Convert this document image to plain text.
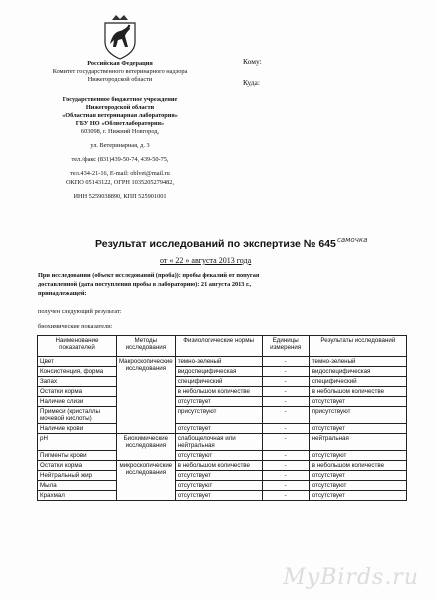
Российская Федерация
Комитет государственного ветеринарного надзора
Нижегородской области
Государственное бюджетное учреждение
Нижегородской области
«Областная ветеринарная лаборатория»
ГБУ НО «Облветлаборатория»
603098, г. Нижний Новгород,
ул. Ветеринарная, д. 3
тел./факс (831)439-50-74, 439-50-75,
тел.434-21-16, E-mail: oblvet@mail.ru
ОКПО 05143122, ОГРН 1035205279482,
ИНН 5259038890, КПП 525901001
Кому:
Куда:
Результат исследований по экспертизе № 645 самочка
от « 22 » августа 2013 года
При исследовании (объект исследований (проба)): пробы фекалий от попугая
доставленной (дата поступления пробы в лабораторию): 21 августа 2013 г.,
принадлежащей:
Наименование показателей	Методы исследования	Физиологические нормы	Единицы измерения	Результаты исследований
Цвет	Макроскопические исследования	темно-зеленый	-	темно-зеленый
Консистенция, форма		видоспецифическая	-	видоспецифическая
Запах		специфический	-	специфический
Остатки корма		в небольшом количестве	-	в небольшом количестве
Наличие слизи		отсутствует	-	отсутствует
Примеси (кристаллы мочевой кислоты)		присутствуют	-	присутствуют
Наличие крови		отсутствует	-	отсутствует
pH	Биохимические исследования	слабощелочная или нейтральная	-	нейтральная
Пигменты крови		отсутствуют	-	отсутствуют
Остатки корма	микроскопические исследования	в небольшом количестве	-	в небольшом количестве
Нейтральный жир		отсутствует	-	отсутствует
Мыла		отсутствуют	-	отсутствуют
Крахмал		отсутствует	-	отсутствует
получен следующий результат:
биохимические показатели:
MyBirds.ru
